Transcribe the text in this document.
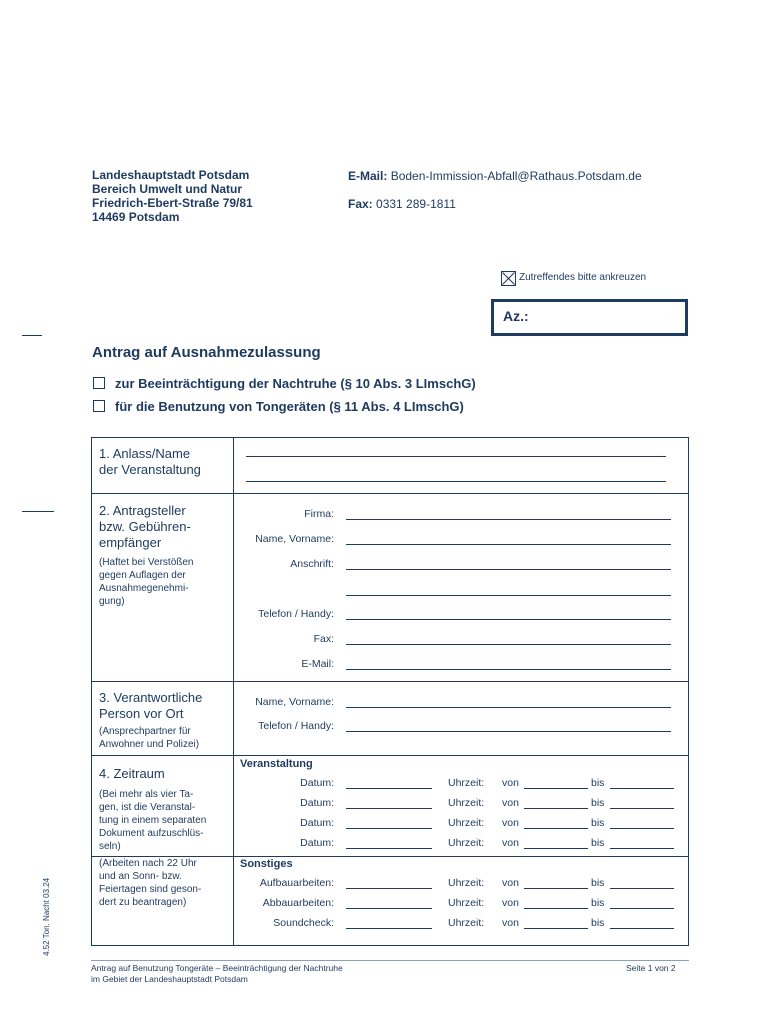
Landeshauptstadt Potsdam
Bereich Umwelt und Natur
Friedrich-Ebert-Straße 79/81
14469 Potsdam
E-Mail: Boden-Immission-Abfall@Rathaus.Potsdam.de
Fax: 0331 289-1811
Zutreffendes bitte ankreuzen
Az.:
Antrag auf Ausnahmezulassung
zur Beeinträchtigung der Nachtruhe (§ 10 Abs. 3 LImschG)
für die Benutzung von Tongeräten (§ 11 Abs. 4 LImschG)
1. Anlass/Name
der Veranstaltung
2. Antragsteller
bzw. Gebühren-
empfänger
(Haftet bei Verstößen
gegen Auflagen der
Ausnahmegenehmi-
gung)
Firma:
Name, Vorname:
Anschrift:
Telefon / Handy:
Fax:
E-Mail:
3. Verantwortliche
Person vor Ort
(Ansprechpartner für
Anwohner und Polizei)
Name, Vorname:
Telefon / Handy:
4. Zeitraum
(Bei mehr als vier Ta-
gen, ist die Veranstal-
tung in einem separaten
Dokument aufzuschlüs-
seln)
(Arbeiten nach 22 Uhr
und an Sonn- bzw.
Feiertagen sind geson-
dert zu beantragen)
Veranstaltung
Datum:	Uhrzeit: von	bis
Datum:	Uhrzeit: von	bis
Datum:	Uhrzeit: von	bis
Datum:	Uhrzeit: von	bis
Sonstiges
Aufbauarbeiten:	Uhrzeit: von	bis
Abbauarbeiten:	Uhrzeit: von	bis
Soundcheck:	Uhrzeit: von	bis
Antrag auf Benutzung Tongeräte – Beeinträchtigung der Nachtruhe
im Gebiet der Landeshauptstadt Potsdam
Seite 1 von 2
4.52 Ton. Nacht 03.24
